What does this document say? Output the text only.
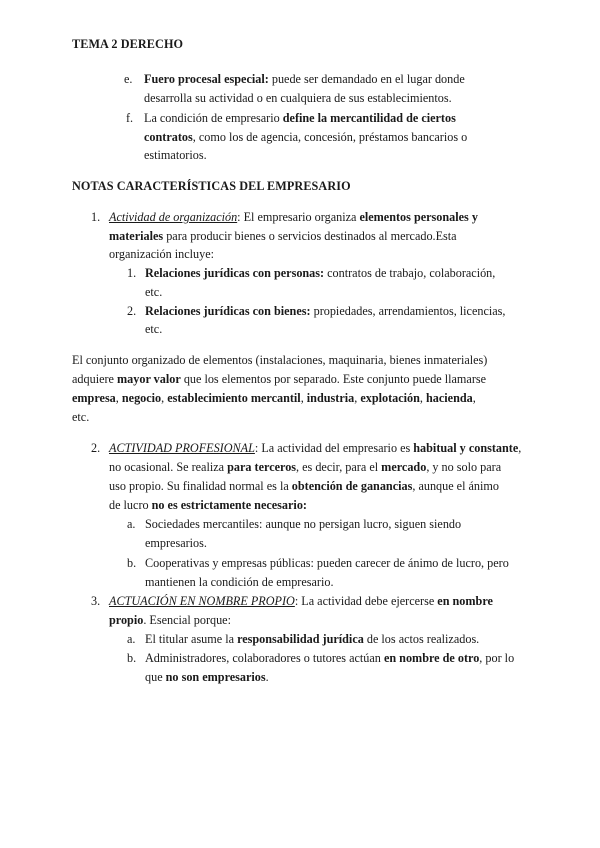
TEMA 2 DERECHO
e. Fuero procesal especial: puede ser demandado en el lugar donde
desarrolla su actividad o en cualquiera de sus establecimientos.
f. La condición de empresario define la mercantilidad de ciertos
contratos, como los de agencia, concesión, préstamos bancarios o
estimatorios.
NOTAS CARACTERÍSTICAS DEL EMPRESARIO
1. Actividad de organización: El empresario organiza elementos personales y
materiales para producir bienes o servicios destinados al mercado.Esta
organización incluye:
1. Relaciones jurídicas con personas: contratos de trabajo, colaboración,
etc.
2. Relaciones jurídicas con bienes: propiedades, arrendamientos, licencias,
etc.
El conjunto organizado de elementos (instalaciones, maquinaria, bienes inmateriales)
adquiere mayor valor que los elementos por separado. Este conjunto puede llamarse
empresa, negocio, establecimiento mercantil, industria, explotación, hacienda,
etc.
2. ACTIVIDAD PROFESIONAL: La actividad del empresario es habitual y constante,
no ocasional. Se realiza para terceros, es decir, para el mercado, y no solo para
uso propio. Su finalidad normal es la obtención de ganancias, aunque el ánimo
de lucro no es estrictamente necesario:
a. Sociedades mercantiles: aunque no persigan lucro, siguen siendo
empresarios.
b. Cooperativas y empresas públicas: pueden carecer de ánimo de lucro, pero
mantienen la condición de empresario.
3. ACTUACIÓN EN NOMBRE PROPIO: La actividad debe ejercerse en nombre
propio. Esencial porque:
a. El titular asume la responsabilidad jurídica de los actos realizados.
b. Administradores, colaboradores o tutores actúan en nombre de otro, por lo
que no son empresarios.
